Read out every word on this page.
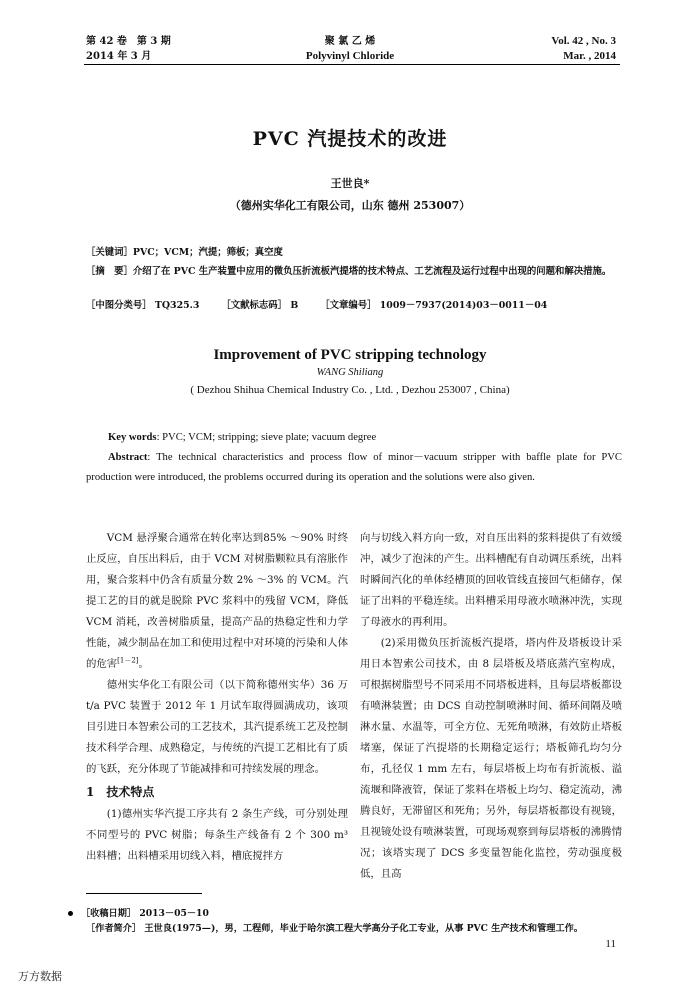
第 42 卷　第 3 期
2014 年 3 月
聚 氯 乙 烯
Polyvinyl Chloride
Vol. 42 , No. 3
Mar. , 2014
PVC 汽提技术的改进
王世良*
（德州实华化工有限公司，山东 德州 253007）
［关键词］PVC；VCM；汽提；筛板；真空度
［摘　要］介绍了在 PVC 生产装置中应用的微负压折流板汽提塔的技术特点、工艺流程及运行过程中出现的问题和解决措施。
［中图分类号］ TQ325.3 ［文献标志码］ B ［文章编号］ 1009－7937(2014)03－0011－04
Improvement of PVC stripping technology
WANG Shiliang
( Dezhou Shihua Chemical Industry Co. , Ltd. , Dezhou 253007 , China)
Key words: PVC; VCM; stripping; sieve plate; vacuum degree
Abstract: The technical characteristics and process flow of minor－vacuum stripper with baffle plate for PVC production were introduced, the problems occurred during its operation and the solutions were also given.

VCM 悬浮聚合通常在转化率达到85% ～90% 时终止反应，自压出料后，由于 VCM 对树脂颗粒具有溶胀作用，聚合浆料中仍含有质量分数 2% ～3% 的 VCM。汽提工艺的目的就是脱除 PVC 浆料中的残留 VCM，降低 VCM 消耗，改善树脂质量，提高产品的热稳定性和力学性能，减少制品在加工和使用过程中对环境的污染和人体的危害[1－2]。

德州实华化工有限公司（以下简称德州实华）36 万 t/a PVC 装置于 2012 年 1 月试车取得圆满成功，该项目引进日本智索公司的工艺技术，其汽提系统工艺及控制技术科学合理、成熟稳定，与传统的汽提工艺相比有了质的飞跃，充分体现了节能减排和可持续发展的理念。

1　技术特点

(1)德州实华汽提工序共有 2 条生产线，可分别处理不同型号的 PVC 树脂；每条生产线备有 2 个 300 m³ 出料槽；出料槽采用切线入料，槽底搅拌方

向与切线入料方向一致，对自压出料的浆料提供了有效缓冲，减少了泡沫的产生。出料槽配有自动调压系统，出料时瞬间汽化的单体经槽顶的回收管线直接回气柜储存，保证了出料的平稳连续。出料槽采用母液水喷淋冲洗，实现了母液水的再利用。

(2)采用微负压折流板汽提塔，塔内件及塔板设计采用日本智索公司技术，由 8 层塔板及塔底蒸汽室构成，可根据树脂型号不同采用不同塔板进料，且每层塔板都设有喷淋装置；由 DCS 自动控制喷淋时间、循环间隔及喷淋水量、水温等，可全方位、无死角喷淋，有效防止塔板堵塞，保证了汽提塔的长期稳定运行；塔板筛孔均匀分布，孔径仅 1 mm 左右，每层塔板上均布有折流板、溢流堰和降液管，保证了浆料在塔板上均匀、稳定流动，沸腾良好，无滞留区和死角；另外，每层塔板都设有视镜，且视镜处设有喷淋装置，可现场观察到每层塔板的沸腾情况；该塔实现了 DCS 多变量智能化监控，劳动强度极低，且高

［收稿日期］ 2013－05－10
［作者简介］ 王世良(1975—)，男，工程师，毕业于哈尔滨工程大学高分子化工专业，从事 PVC 生产技术和管理工作。
11
万方数据
